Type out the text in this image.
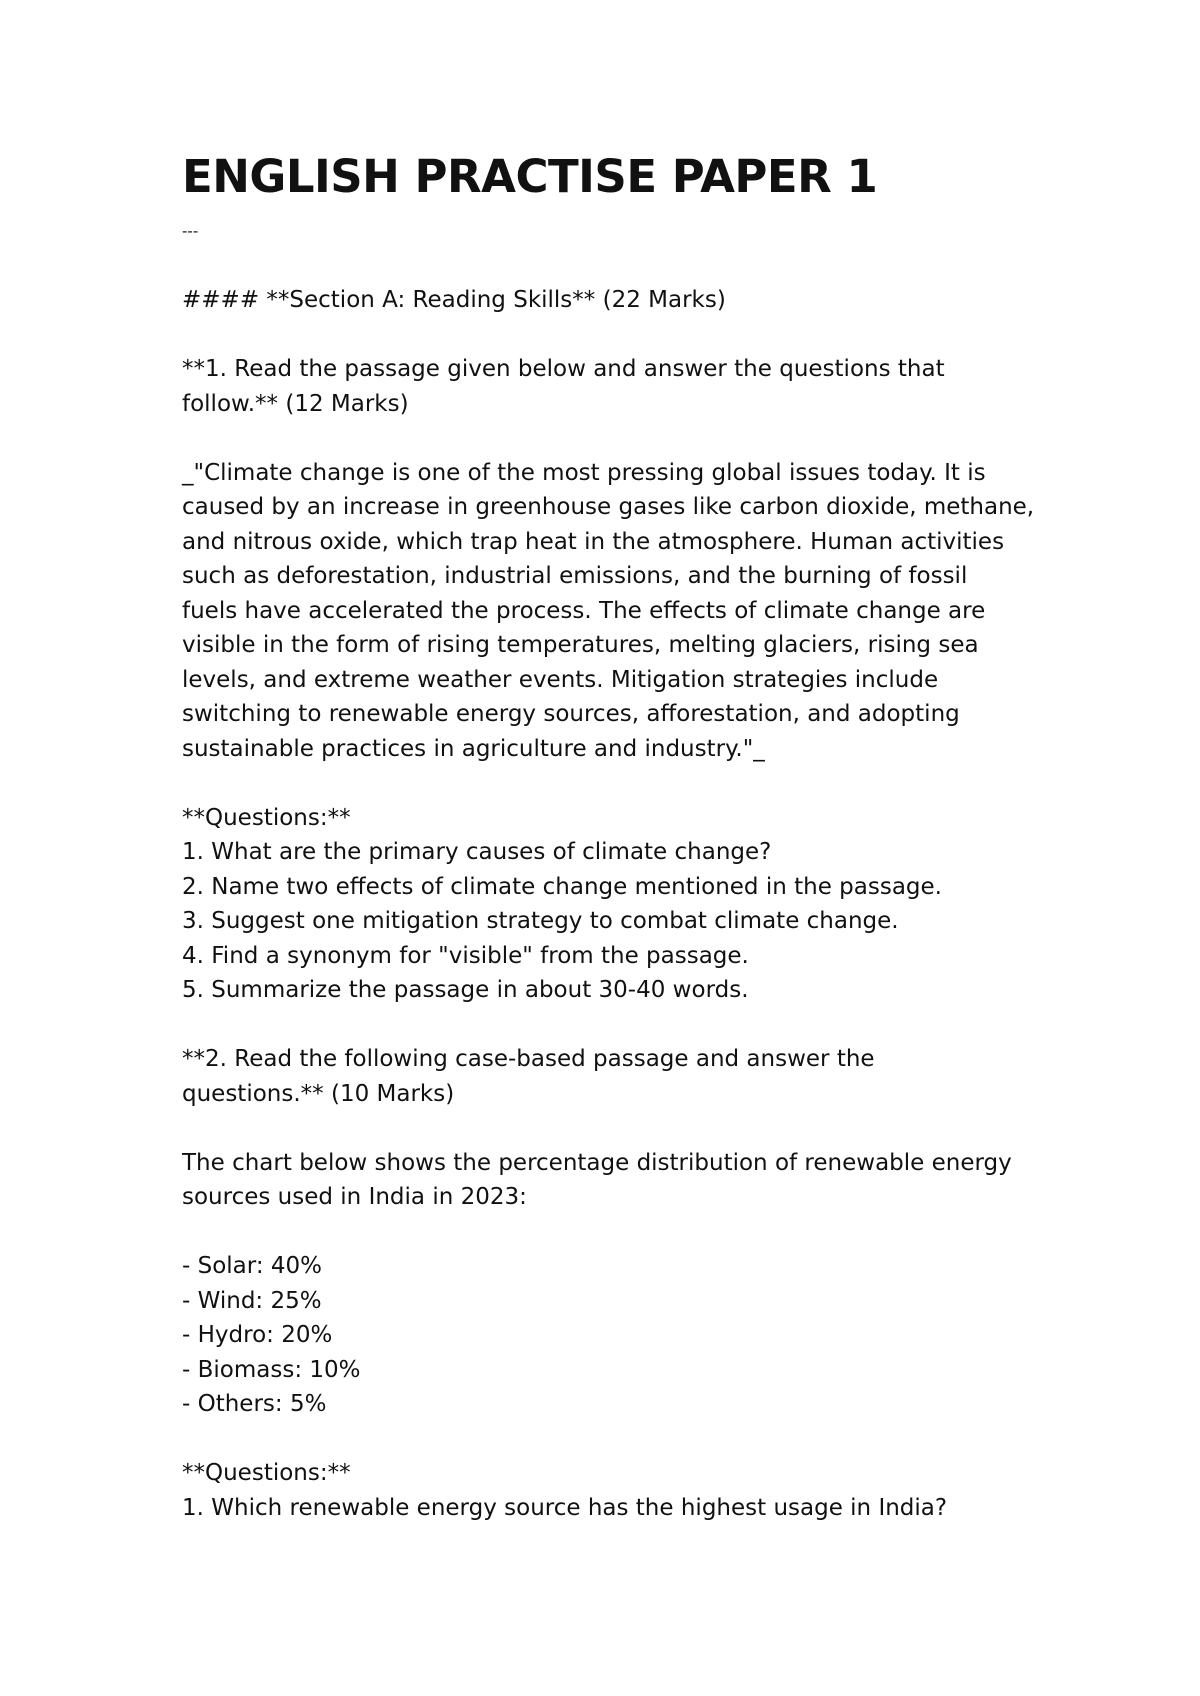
ENGLISH PRACTISE PAPER 1

---

#### **Section A: Reading Skills** (22 Marks)

**1. Read the passage given below and answer the questions that

follow.** (12 Marks)

_"Climate change is one of the most pressing global issues today. It is

caused by an increase in greenhouse gases like carbon dioxide, methane,

and nitrous oxide, which trap heat in the atmosphere. Human activities

such as deforestation, industrial emissions, and the burning of fossil

fuels have accelerated the process. The effects of climate change are

visible in the form of rising temperatures, melting glaciers, rising sea

levels, and extreme weather events. Mitigation strategies include

switching to renewable energy sources, afforestation, and adopting

sustainable practices in agriculture and industry."_

**Questions:**

1. What are the primary causes of climate change?

2. Name two effects of climate change mentioned in the passage.

3. Suggest one mitigation strategy to combat climate change.

4. Find a synonym for "visible" from the passage.

5. Summarize the passage in about 30-40 words.

**2. Read the following case-based passage and answer the

questions.** (10 Marks)

The chart below shows the percentage distribution of renewable energy

sources used in India in 2023:

- Solar: 40%

- Wind: 25%

- Hydro: 20%

- Biomass: 10%

- Others: 5%

**Questions:**

1. Which renewable energy source has the highest usage in India?
